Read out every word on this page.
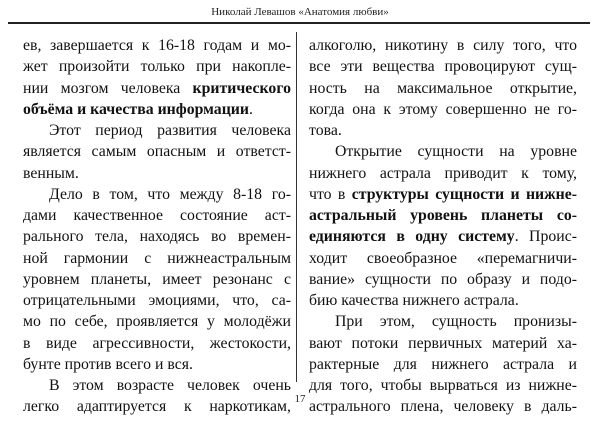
Николай Левашов «Анатомия любви»

ев, завершается к 16-18 годам и мо-
жет произойти только при накопле-
нии мозгом человека критического
объёма и качества информации.

Этот период развития человека
является самым опасным и ответст-
венным.

Дело в том, что между 8-18 го-
дами качественное состояние аст-
рального тела, находясь во времен-
ной гармонии с нижнеастральным
уровнем планеты, имеет резонанс с
отрицательными эмоциями, что, са-
мо по себе, проявляется у молодёжи
в виде агрессивности, жестокости,
бунте против всего и вся.

В этом возрасте человек очень
легко адаптируется к наркотикам,

алкоголю, никотину в силу того, что
все эти вещества провоцируют сущ-
ность на максимальное открытие,
когда она к этому совершенно не го-
това.

Открытие сущности на уровне
нижнего астрала приводит к тому,
что в структуры сущности и нижне-
астральный уровень планеты со-
единяются в одну систему. Проис-
ходит своеобразное «перемагничи-
вание» сущности по образу и подо-
бию качества нижнего астрала.

При этом, сущность пронизы-
вают потоки первичных материй ха-
рактерные для нижнего астрала и
для того, чтобы вырваться из нижне-
астрального плена, человеку в даль-

17
